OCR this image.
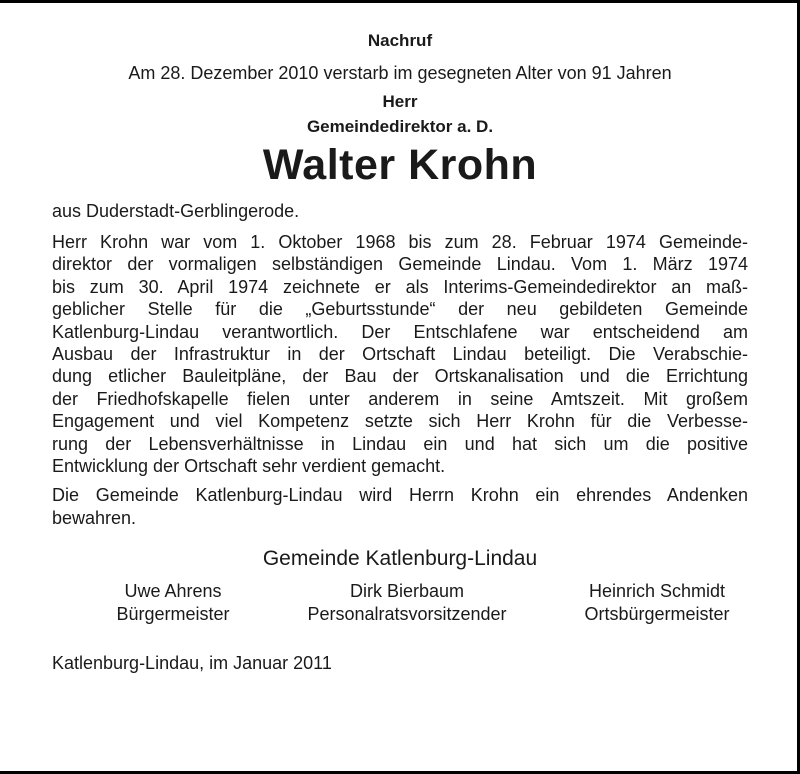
Nachruf
Am 28. Dezember 2010 verstarb im gesegneten Alter von 91 Jahren
Herr
Gemeindedirektor a. D.
Walter Krohn
aus Duderstadt-Gerblingerode.
Herr Krohn war vom 1. Oktober 1968 bis zum 28. Februar 1974 Gemeinde-
direktor der vormaligen selbständigen Gemeinde Lindau. Vom 1. März 1974
bis zum 30. April 1974 zeichnete er als Interims-Gemeindedirektor an maß-
geblicher Stelle für die „Geburtsstunde“ der neu gebildeten Gemeinde
Katlenburg-Lindau verantwortlich. Der Entschlafene war entscheidend am
Ausbau der Infrastruktur in der Ortschaft Lindau beteiligt. Die Verabschie-
dung etlicher Bauleitpläne, der Bau der Ortskanalisation und die Errichtung
der Friedhofskapelle fielen unter anderem in seine Amtszeit. Mit großem
Engagement und viel Kompetenz setzte sich Herr Krohn für die Verbesse-
rung der Lebensverhältnisse in Lindau ein und hat sich um die positive
Entwicklung der Ortschaft sehr verdient gemacht.
Die Gemeinde Katlenburg-Lindau wird Herrn Krohn ein ehrendes Andenken
bewahren.
Gemeinde Katlenburg-Lindau
Uwe Ahrens
Bürgermeister
Dirk Bierbaum
Personalratsvorsitzender
Heinrich Schmidt
Ortsbürgermeister
Katlenburg-Lindau, im Januar 2011
